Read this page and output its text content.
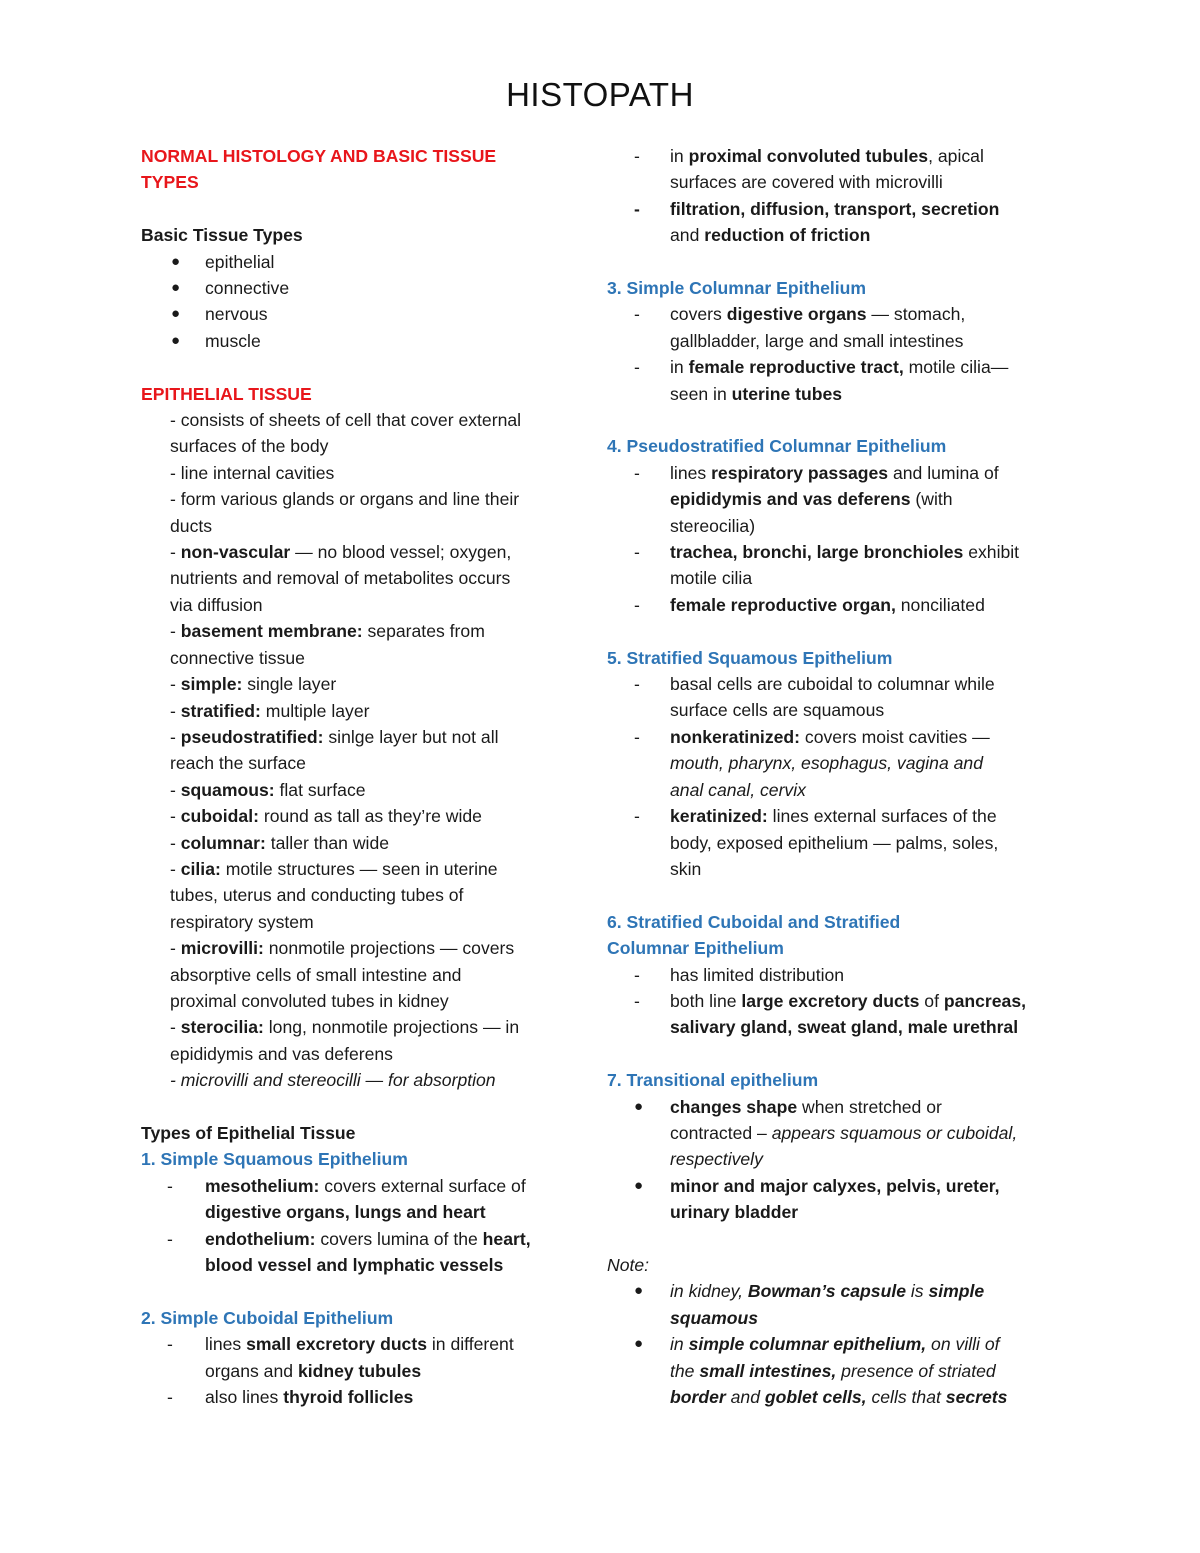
HISTOPATH
NORMAL HISTOLOGY AND BASIC TISSUE
TYPES
Basic Tissue Types
● epithelial
● connective
● nervous
● muscle
EPITHELIAL TISSUE
- consists of sheets of cell that cover external
surfaces of the body
- line internal cavities
- form various glands or organs and line their
ducts
- non-vascular — no blood vessel; oxygen,
nutrients and removal of metabolites occurs
via diffusion
- basement membrane: separates from
connective tissue
- simple: single layer
- stratified: multiple layer
- pseudostratified: sinlge layer but not all
reach the surface
- squamous: flat surface
- cuboidal: round as tall as they’re wide
- columnar: taller than wide
- cilia: motile structures — seen in uterine
tubes, uterus and conducting tubes of
respiratory system
- microvilli: nonmotile projections — covers
absorptive cells of small intestine and
proximal convoluted tubes in kidney
- sterocilia: long, nonmotile projections — in
epididymis and vas deferens
- microvilli and stereocilli — for absorption
Types of Epithelial Tissue
1. Simple Squamous Epithelium
- mesothelium: covers external surface of
digestive organs, lungs and heart
- endothelium: covers lumina of the heart,
blood vessel and lymphatic vessels
2. Simple Cuboidal Epithelium
- lines small excretory ducts in different
organs and kidney tubules
- also lines thyroid follicles
- in proximal convoluted tubules, apical
surfaces are covered with microvilli
- filtration, diffusion, transport, secretion
and reduction of friction
3. Simple Columnar Epithelium
- covers digestive organs — stomach,
gallbladder, large and small intestines
- in female reproductive tract, motile cilia—
seen in uterine tubes
4. Pseudostratified Columnar Epithelium
- lines respiratory passages and lumina of
epididymis and vas deferens (with
stereocilia)
- trachea, bronchi, large bronchioles exhibit
motile cilia
- female reproductive organ, nonciliated
5. Stratified Squamous Epithelium
- basal cells are cuboidal to columnar while
surface cells are squamous
- nonkeratinized: covers moist cavities —
mouth, pharynx, esophagus, vagina and
anal canal, cervix
- keratinized: lines external surfaces of the
body, exposed epithelium — palms, soles,
skin
6. Stratified Cuboidal and Stratified
Columnar Epithelium
- has limited distribution
- both line large excretory ducts of pancreas,
salivary gland, sweat gland, male urethral
7. Transitional epithelium
● changes shape when stretched or
contracted – appears squamous or cuboidal,
respectively
● minor and major calyxes, pelvis, ureter,
urinary bladder
Note:
● in kidney, Bowman’s capsule is simple
squamous
● in simple columnar epithelium, on villi of
the small intestines, presence of striated
border and goblet cells, cells that secrets
